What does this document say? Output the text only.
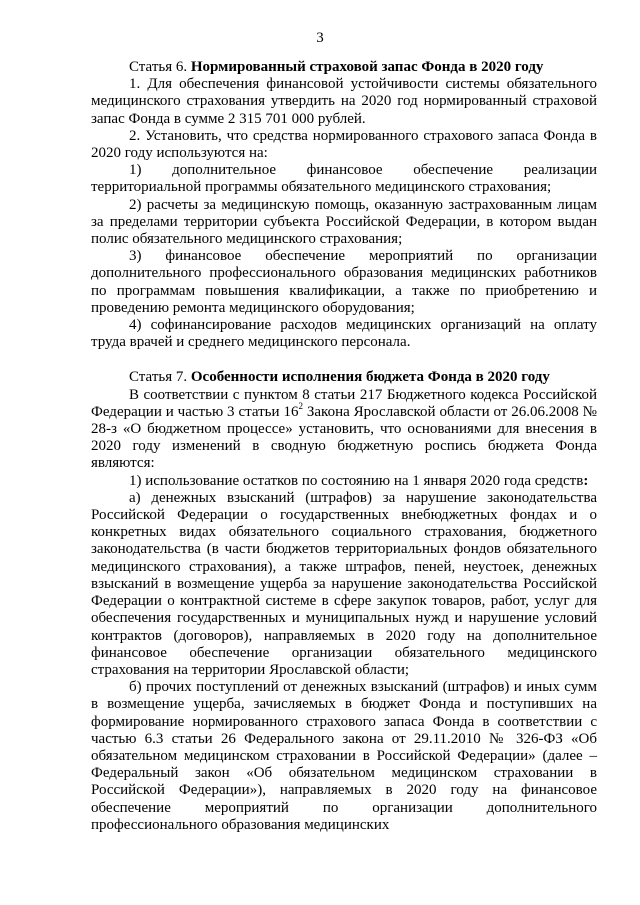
3

Статья 6. Нормированный страховой запас Фонда в 2020 году

1. Для обеспечения финансовой устойчивости системы обязательного медицинского страхования утвердить на 2020 год нормированный страховой запас Фонда в сумме 2 315 701 000 рублей.

2. Установить, что средства нормированного страхового запаса Фонда в 2020 году используются на:

1) дополнительное финансовое обеспечение реализации территориальной программы обязательного медицинского страхования;

2) расчеты за медицинскую помощь, оказанную застрахованным лицам за пределами территории субъекта Российской Федерации, в котором выдан полис обязательного медицинского страхования;

3) финансовое обеспечение мероприятий по организации дополнительного профессионального образования медицинских работников по программам повышения квалификации, а также по приобретению и проведению ремонта медицинского оборудования;

4) софинансирование расходов медицинских организаций на оплату труда врачей и среднего медицинского персонала.

Статья 7. Особенности исполнения бюджета Фонда в 2020 году

В соответствии с пунктом 8 статьи 217 Бюджетного кодекса Российской Федерации и частью 3 статьи $16^2$ Закона Ярославской области от 26.06.2008 № 28-з «О бюджетном процессе» установить, что основаниями для внесения в 2020 году изменений в сводную бюджетную роспись бюджета Фонда являются:

1) использование остатков по состоянию на 1 января 2020 года средств:

а) денежных взысканий (штрафов) за нарушение законодательства Российской Федерации о государственных внебюджетных фондах и о конкретных видах обязательного социального страхования, бюджетного законодательства (в части бюджетов территориальных фондов обязательного медицинского страхования), а также штрафов, пеней, неустоек, денежных взысканий в возмещение ущерба за нарушение законодательства Российской Федерации о контрактной системе в сфере закупок товаров, работ, услуг для обеспечения государственных и муниципальных нужд и нарушение условий контрактов (договоров), направляемых в 2020 году на дополнительное финансовое обеспечение организации обязательного медицинского страхования на территории Ярославской области;

б) прочих поступлений от денежных взысканий (штрафов) и иных сумм в возмещение ущерба, зачисляемых в бюджет Фонда и поступивших на формирование нормированного страхового запаса Фонда в соответствии с частью 6.3 статьи 26 Федерального закона от 29.11.2010 № 326-ФЗ «Об обязательном медицинском страховании в Российской Федерации» (далее – Федеральный закон «Об обязательном медицинском страховании в Российской Федерации»), направляемых в 2020 году на финансовое обеспечение мероприятий по организации дополнительного профессионального образования медицинских
